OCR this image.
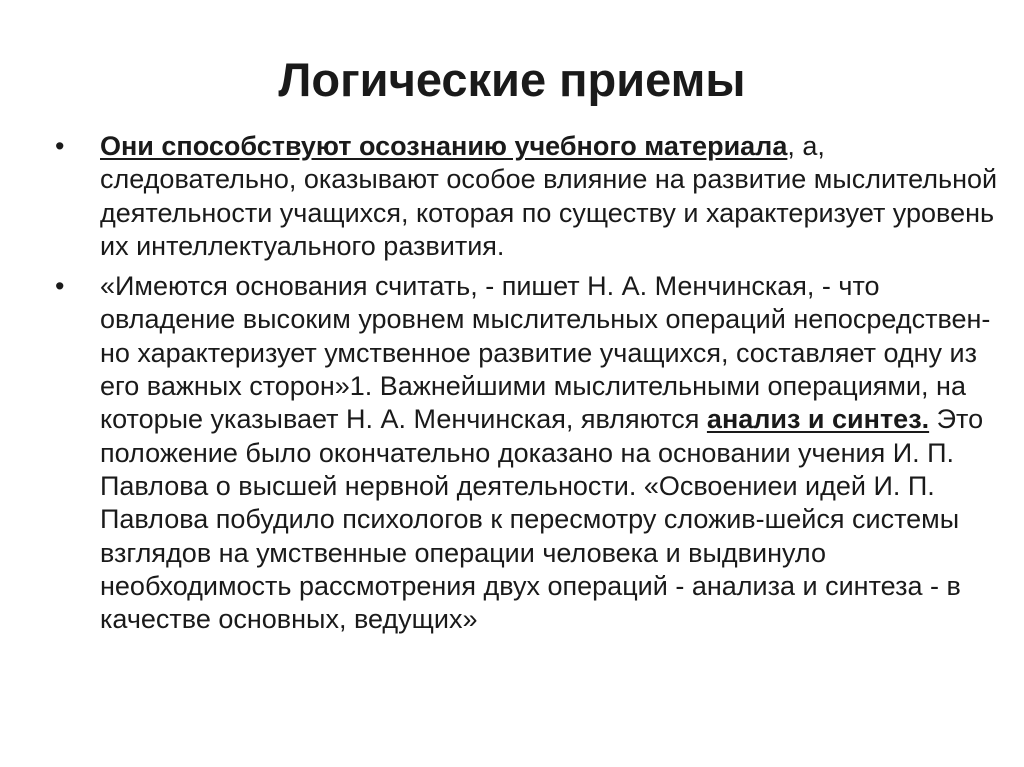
Логические приемы
• Они способствуют осознанию учебного материала, а, следовательно, оказывают особое влияние на развитие мыслительной деятельности учащихся, которая по существу и характеризует уровень их интеллектуального развития.
• «Имеются основания считать, - пишет Н. А. Менчинская, - что овладение высоким уровнем мыслительных операций непосредствен-но характеризует умственное развитие учащихся, составляет одну из его важных сторон»1. Важнейшими мыслительными операциями, на которые указывает Н. А. Менчинская, являются анализ и синтез. Это положение было окончательно доказано на основании учения И. П. Павлова о высшей нервной деятельности. «Освоениеи идей И. П. Павлова побудило психологов к пересмотру сложив-шейся системы взглядов на умственные операции человека и выдвинуло необходимость рассмотрения двух операций - анализа и синтеза - в качестве основных, ведущих»
